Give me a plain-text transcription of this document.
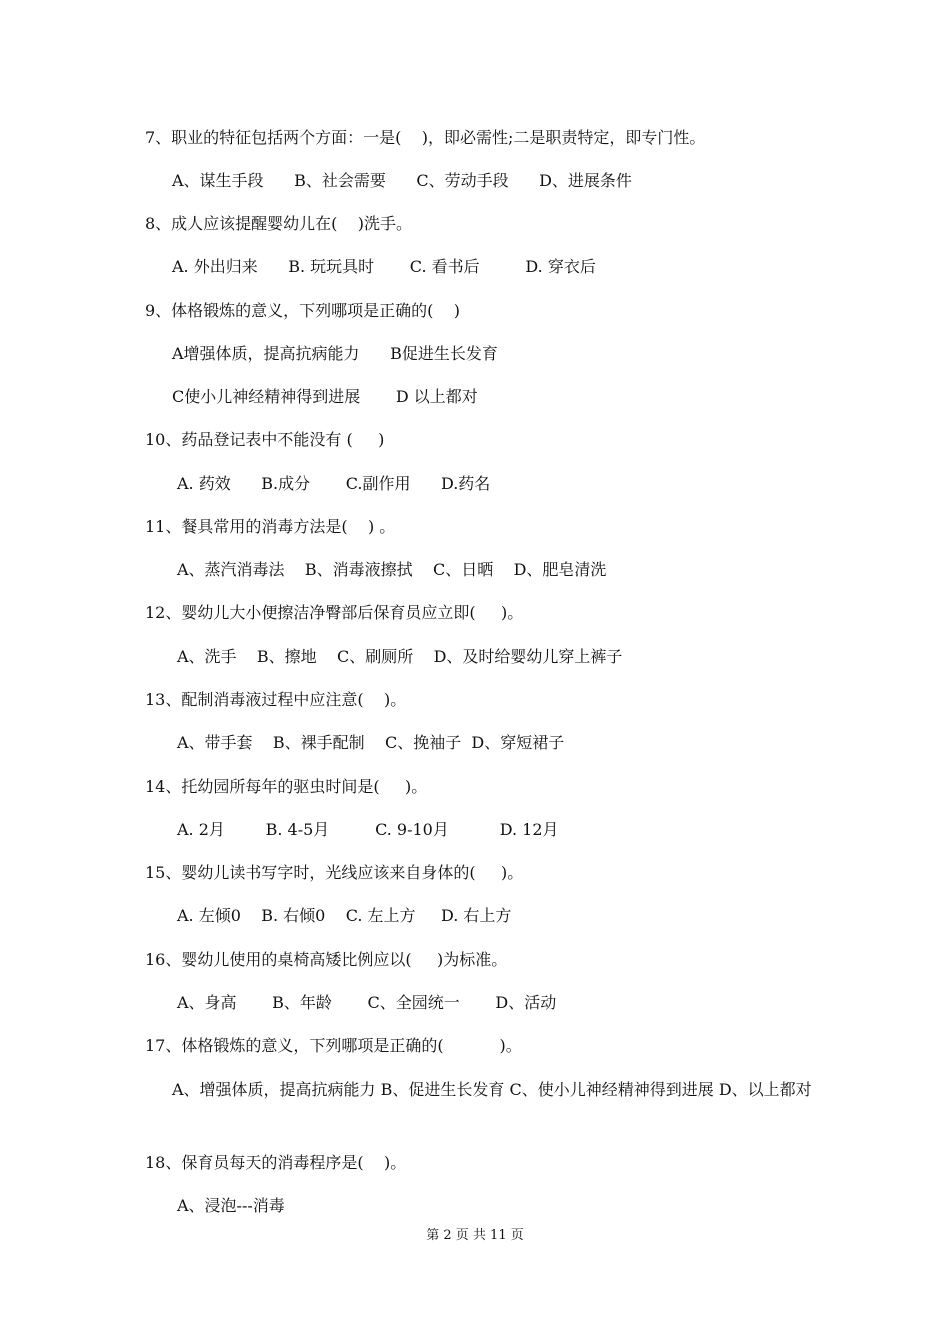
7、职业的特征包括两个方面：一是(    )，即必需性;二是职责特定，即专门性。
A、谋生手段      B、社会需要      C、劳动手段      D、进展条件
8、成人应该提醒婴幼儿在(    )洗手。
A. 外出归来      B. 玩玩具时       C. 看书后         D. 穿衣后
9、体格锻炼的意义，下列哪项是正确的(    )
A增强体质，提高抗病能力      B促进生长发育
C使小儿神经精神得到进展       D 以上都对
10、药品登记表中不能没有 (     )
A. 药效      B.成分       C.副作用      D.药名
11、餐具常用的消毒方法是(    ) 。
A、蒸汽消毒法    B、消毒液擦拭    C、日晒    D、肥皂清洗
12、婴幼儿大小便擦洁净臀部后保育员应立即(     )。
A、洗手    B、擦地    C、刷厕所    D、及时给婴幼儿穿上裤子
13、配制消毒液过程中应注意(    )。
A、带手套    B、裸手配制    C、挽袖子  D、穿短裙子
14、托幼园所每年的驱虫时间是(     )。
A. 2月        B. 4-5月         C. 9-10月          D. 12月
15、婴幼儿读书写字时，光线应该来自身体的(     )。
A. 左倾0    B. 右倾0    C. 左上方     D. 右上方
16、婴幼儿使用的桌椅高矮比例应以(     )为标准。
A、身高       B、年龄       C、全园统一       D、活动
17、体格锻炼的意义，下列哪项是正确的(           )。
A、增强体质，提高抗病能力 B、促进生长发育 C、使小儿神经精神得到进展 D、以上都对
18、保育员每天的消毒程序是(    )。
A、浸泡---消毒
第 2 页 共 11 页
